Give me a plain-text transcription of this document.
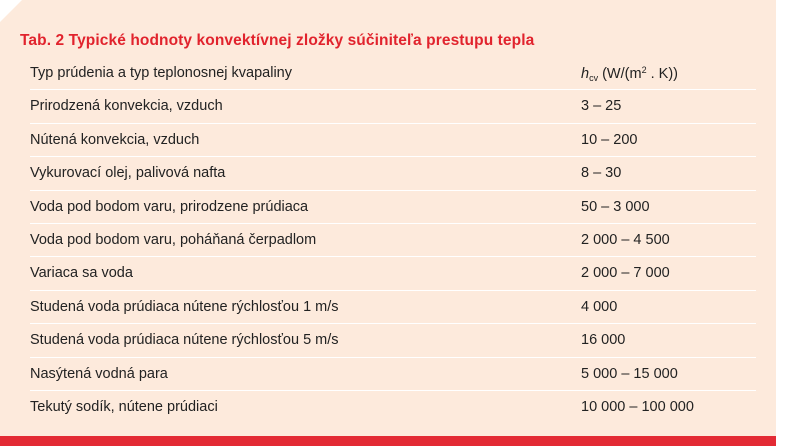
Tab. 2 Typické hodnoty konvektívnej zložky súčiniteľa prestupu tepla
Typ prúdenia a typ teplonosnej kvapaliny	$h_{cv}$ ($W/(m^2$ . K))
Prirodzená konvekcia, vzduch	3 – 25
Nútená konvekcia, vzduch	10 – 200
Vykurovací olej, palivová nafta	8 – 30
Voda pod bodom varu, prirodzene prúdiaca	50 – 3 000
Voda pod bodom varu, poháňaná čerpadlom	2 000 – 4 500
Variaca sa voda	2 000 – 7 000
Studená voda prúdiaca nútene rýchlosťou 1 m/s	4 000
Studená voda prúdiaca nútene rýchlosťou 5 m/s	16 000
Nasýtená vodná para	5 000 – 15 000
Tekutý sodík, nútene prúdiaci	10 000 – 100 000
